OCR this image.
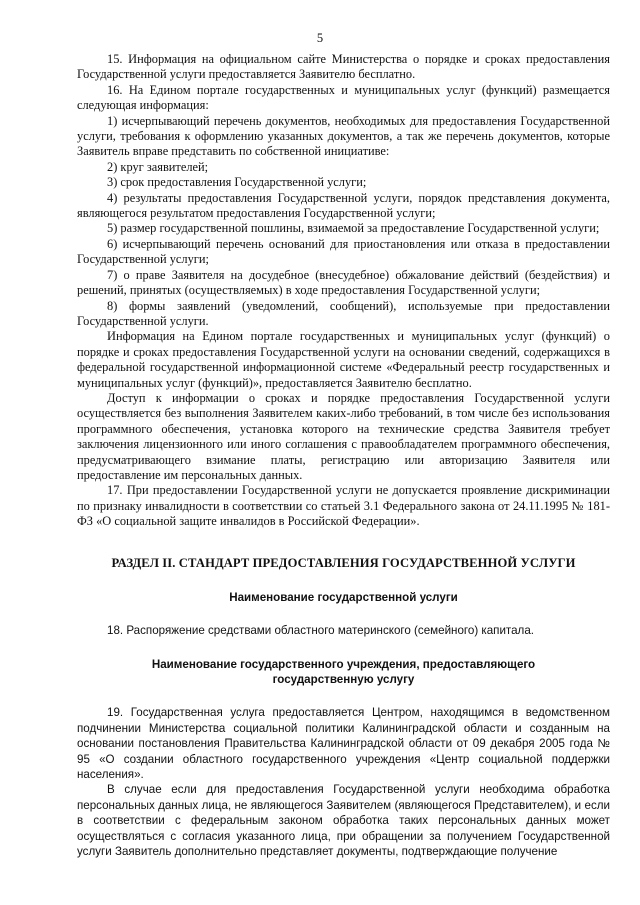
5

15. Информация на официальном сайте Министерства о порядке и сроках предоставления Государственной услуги предоставляется Заявителю бесплатно.

16. На Едином портале государственных и муниципальных услуг (функций) размещается следующая информация:

1) исчерпывающий перечень документов, необходимых для предоставления Государственной услуги, требования к оформлению указанных документов, а так же перечень документов, которые Заявитель вправе представить по собственной инициативе:

2) круг заявителей;

3) срок предоставления Государственной услуги;

4) результаты предоставления Государственной услуги, порядок представления документа, являющегося результатом предоставления Государственной услуги;

5) размер государственной пошлины, взимаемой за предоставление Государственной услуги;

6) исчерпывающий перечень оснований для приостановления или отказа в предоставлении Государственной услуги;

7) о праве Заявителя на досудебное (внесудебное) обжалование действий (бездействия) и решений, принятых (осуществляемых) в ходе предоставления Государственной услуги;

8) формы заявлений (уведомлений, сообщений), используемые при предоставлении Государственной услуги.

Информация на Едином портале государственных и муниципальных услуг (функций) о порядке и сроках предоставления Государственной услуги на основании сведений, содержащихся в федеральной государственной информационной системе «Федеральный реестр государственных и муниципальных услуг (функций)», предоставляется Заявителю бесплатно.

Доступ к информации о сроках и порядке предоставления Государственной услуги осуществляется без выполнения Заявителем каких-либо требований, в том числе без использования программного обеспечения, установка которого на технические средства Заявителя требует заключения лицензионного или иного соглашения с правообладателем программного обеспечения, предусматривающего взимание платы, регистрацию или авторизацию Заявителя или предоставление им персональных данных.

17. При предоставлении Государственной услуги не допускается проявление дискриминации по признаку инвалидности в соответствии со статьей 3.1 Федерального закона от 24.11.1995 № 181-ФЗ «О социальной защите инвалидов в Российской Федерации».

РАЗДЕЛ II. СТАНДАРТ ПРЕДОСТАВЛЕНИЯ ГОСУДАРСТВЕННОЙ УСЛУГИ

Наименование государственной услуги

18. Распоряжение средствами областного материнского (семейного) капитала.

Наименование государственного учреждения, предоставляющего
государственную услугу

19. Государственная услуга предоставляется Центром, находящимся в ведомственном подчинении Министерства социальной политики Калининградской области и созданным на основании постановления Правительства Калининградской области от 09 декабря 2005 года № 95 «О создании областного государственного учреждения «Центр социальной поддержки населения».

В случае если для предоставления Государственной услуги необходима обработка персональных данных лица, не являющегося Заявителем (являющегося Представителем), и если в соответствии с федеральным законом обработка таких персональных данных может осуществляться с согласия указанного лица, при обращении за получением Государственной услуги Заявитель дополнительно представляет документы, подтверждающие получение
